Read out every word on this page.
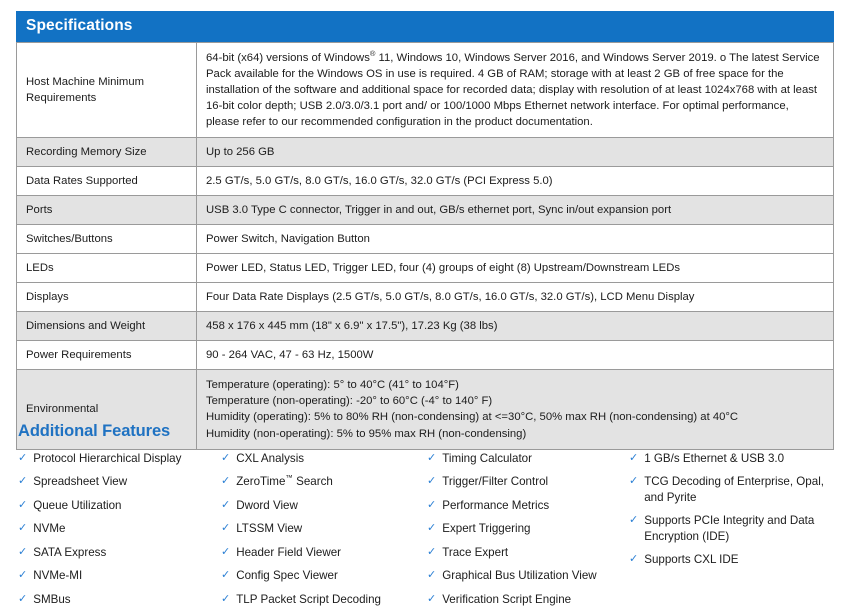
Specifications
Host Machine Minimum Requirements	64-bit (x64) versions of Windows® 11, Windows 10, Windows Server 2016, and Windows Server 2019. o The latest Service Pack available for the Windows OS in use is required. 4 GB of RAM; storage with at least 2 GB of free space for the installation of the software and additional space for recorded data; display with resolution of at least 1024x768 with at least 16-bit color depth; USB 2.0/3.0/3.1 port and/ or 100/1000 Mbps Ethernet network interface. For optimal performance, please refer to our recommended configuration in the product documentation.
Recording Memory Size	Up to 256 GB
Data Rates Supported	2.5 GT/s, 5.0 GT/s, 8.0 GT/s, 16.0 GT/s, 32.0 GT/s (PCI Express 5.0)
Ports	USB 3.0 Type C connector, Trigger in and out, GB/s ethernet port, Sync in/out expansion port
Switches/Buttons	Power Switch, Navigation Button
LEDs	Power LED, Status LED, Trigger LED, four (4) groups of eight (8) Upstream/Downstream LEDs
Displays	Four Data Rate Displays (2.5 GT/s, 5.0 GT/s, 8.0 GT/s, 16.0 GT/s, 32.0 GT/s), LCD Menu Display
Dimensions and Weight	458 x 176 x 445 mm (18" x 6.9" x 17.5"), 17.23 Kg (38 lbs)
Power Requirements	90 - 264 VAC, 47 - 63 Hz, 1500W
Environmental	Temperature (operating): 5° to 40°C (41° to 104°F)
Temperature (non-operating): -20° to 60°C (-4° to 140° F)
Humidity (operating): 5% to 80% RH (non-condensing) at <=30°C, 50% max RH (non-condensing) at 40°C
Humidity (non-operating): 5% to 95% max RH (non-condensing)
Additional Features
✓ Protocol Hierarchical Display
✓ Spreadsheet View
✓ Queue Utilization
✓ NVMe
✓ SATA Express
✓ NVMe-MI
✓ SMBus
✓ CXL Analysis
✓ ZeroTime™ Search
✓ Dword View
✓ LTSSM View
✓ Header Field Viewer
✓ Config Spec Viewer
✓ TLP Packet Script Decoding
✓ Timing Calculator
✓ Trigger/Filter Control
✓ Performance Metrics
✓ Expert Triggering
✓ Trace Expert
✓ Graphical Bus Utilization View
✓ Verification Script Engine
✓ 1 GB/s Ethernet & USB 3.0
✓ TCG Decoding of Enterprise, Opal, and Pyrite
✓ Supports PCIe Integrity and Data Encryption (IDE)
✓ Supports CXL IDE
